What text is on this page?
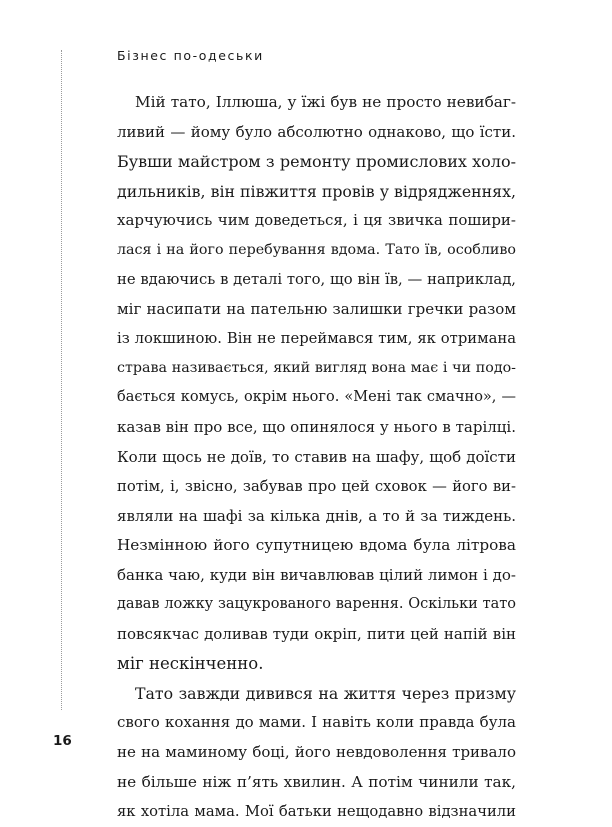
Бізнес по-одеськи
Мій тато, Іллюша, у їжі був не просто невибаг-
ливий — йому було абсолютно однаково, що їсти.
Бувши майстром з ремонту промислових холо-
дильників, він півжиття провів у відрядженнях,
харчуючись чим доведеться, і ця звичка пошири-
лася і на його перебування вдома. Тато їв, особливо
не вдаючись в деталі того, що він їв, — наприклад,
міг насипати на пательню залишки гречки разом
із локшиною. Він не переймався тим, як отримана
страва називається, який вигляд вона має і чи подо-
бається комусь, окрім нього. «Мені так смачно», —
казав він про все, що опинялося у нього в тарілці.
Коли щось не доїв, то ставив на шафу, щоб доїсти
потім, і, звісно, забував про цей сховок — його ви-
являли на шафі за кілька днів, а то й за тиждень.
Незмінною його супутницею вдома була літрова
банка чаю, куди він вичавлював цілий лимон і до-
давав ложку зацукрованого варення. Оскільки тато
повсякчас доливав туди окріп, пити цей напій він
міг нескінченно.
Тато завжди дивився на життя через призму
свого кохання до мами. І навіть коли правда була
не на маминому боці, його невдоволення тривало
не більше ніж п’ять хвилин. А потім чинили так,
як хотіла мама. Мої батьки нещодавно відзначили
16
